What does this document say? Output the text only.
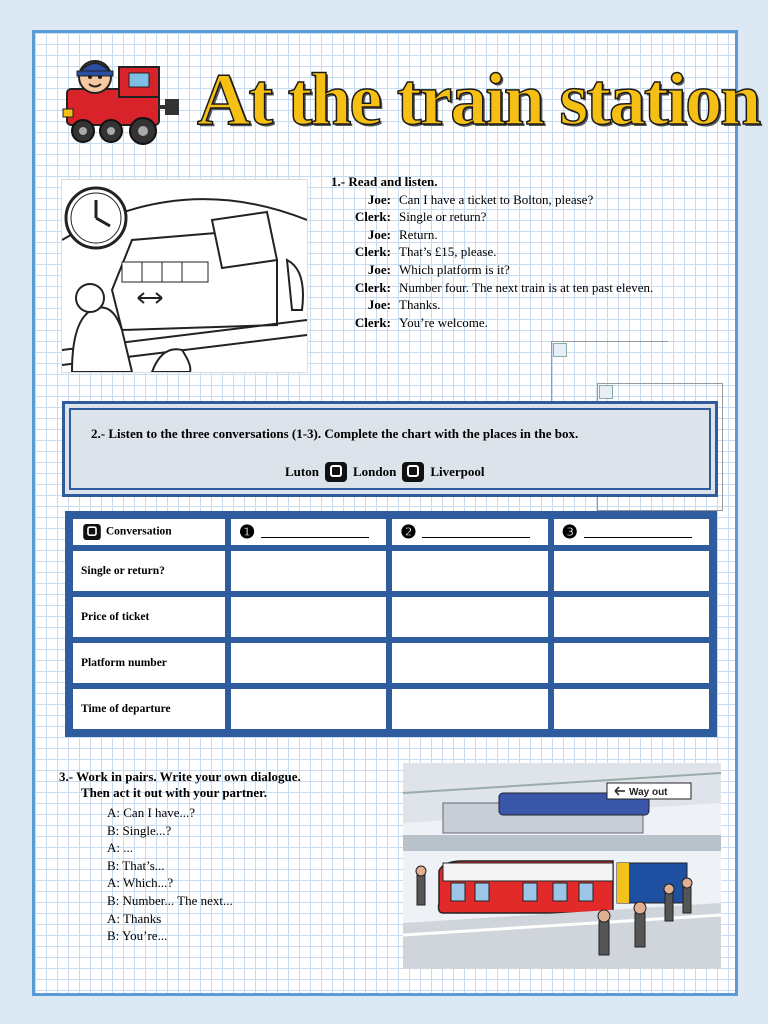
At the train station
1.- Read and listen.
Joe: Can I have a ticket to Bolton, please?
Clerk: Single or return?
Joe: Return.
Clerk: That’s £15, please.
Joe: Which platform is it?
Clerk: Number four. The next train is at ten past eleven.
Joe: Thanks.
Clerk: You’re welcome.
2.- Listen to the three conversations (1-3). Complete the chart with the places in the box.
Luton	London	Liverpool
Conversation	❶	❷	❸
Single or return?			
Price of ticket			
Platform number			
Time of departure			
3.- Work in pairs. Write your own dialogue.
Then act it out with your partner.
A: Can I have...?
B: Single...?
A: ...
B: That’s...
A: Which...?
B: Number... The next...
A: Thanks
B: You’re...
Way out
